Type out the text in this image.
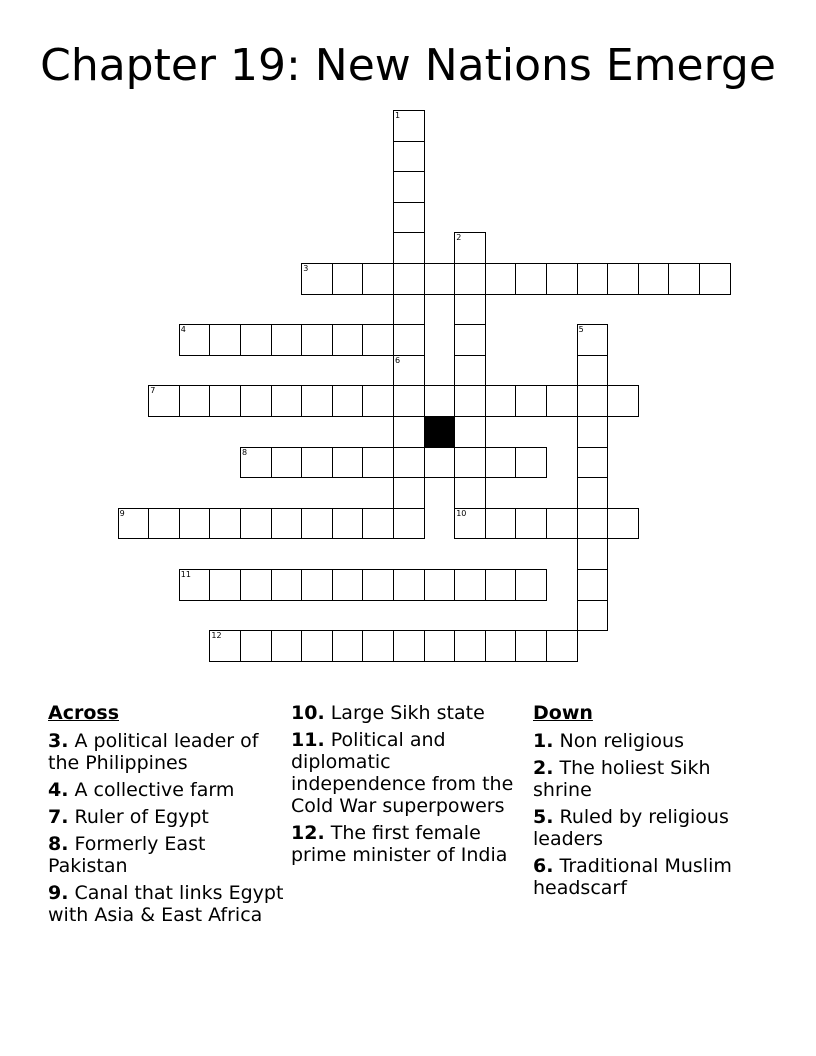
Chapter 19: New Nations Emerge
1
6
2
10
3
4	5
7
8
9
11
12
Across
3. A political leader of the Philippines
4. A collective farm
7. Ruler of Egypt
8. Formerly East Pakistan
9. Canal that links Egypt with Asia & East Africa
10. Large Sikh state
11. Political and diplomatic independence from the Cold War superpowers
12. The first female prime minister of India
Down
1. Non religious
2. The holiest Sikh shrine
5. Ruled by religious leaders
6. Traditional Muslim headscarf
